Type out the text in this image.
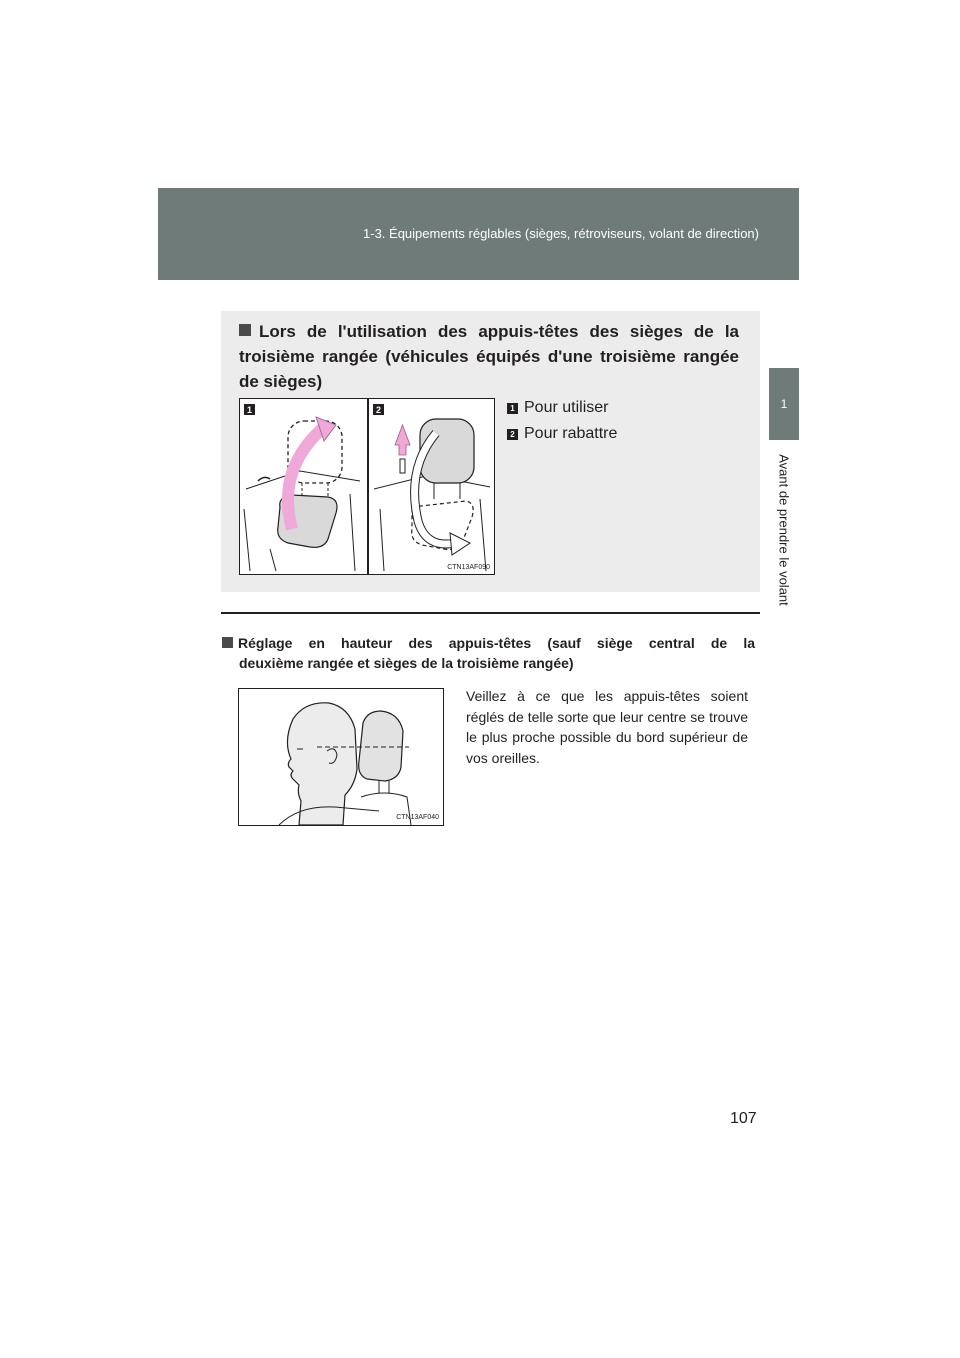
1-3. Équipements réglables (sièges, rétroviseurs, volant de direction)
1
Avant de prendre le volant
Lors de l'utilisation des appuis-têtes des sièges de la troisième rangée (véhicules équipés d'une troisième rangée de sièges)
1	2
CTN13AF090
1 Pour utiliser
2 Pour rabattre
Réglage en hauteur des appuis-têtes (sauf siège central de la
deuxième rangée et sièges de la troisième rangée)
CTN13AF040
Veillez à ce que les appuis-têtes soient réglés de telle sorte que leur centre se trouve le plus proche possible du bord supérieur de vos oreilles.
107
